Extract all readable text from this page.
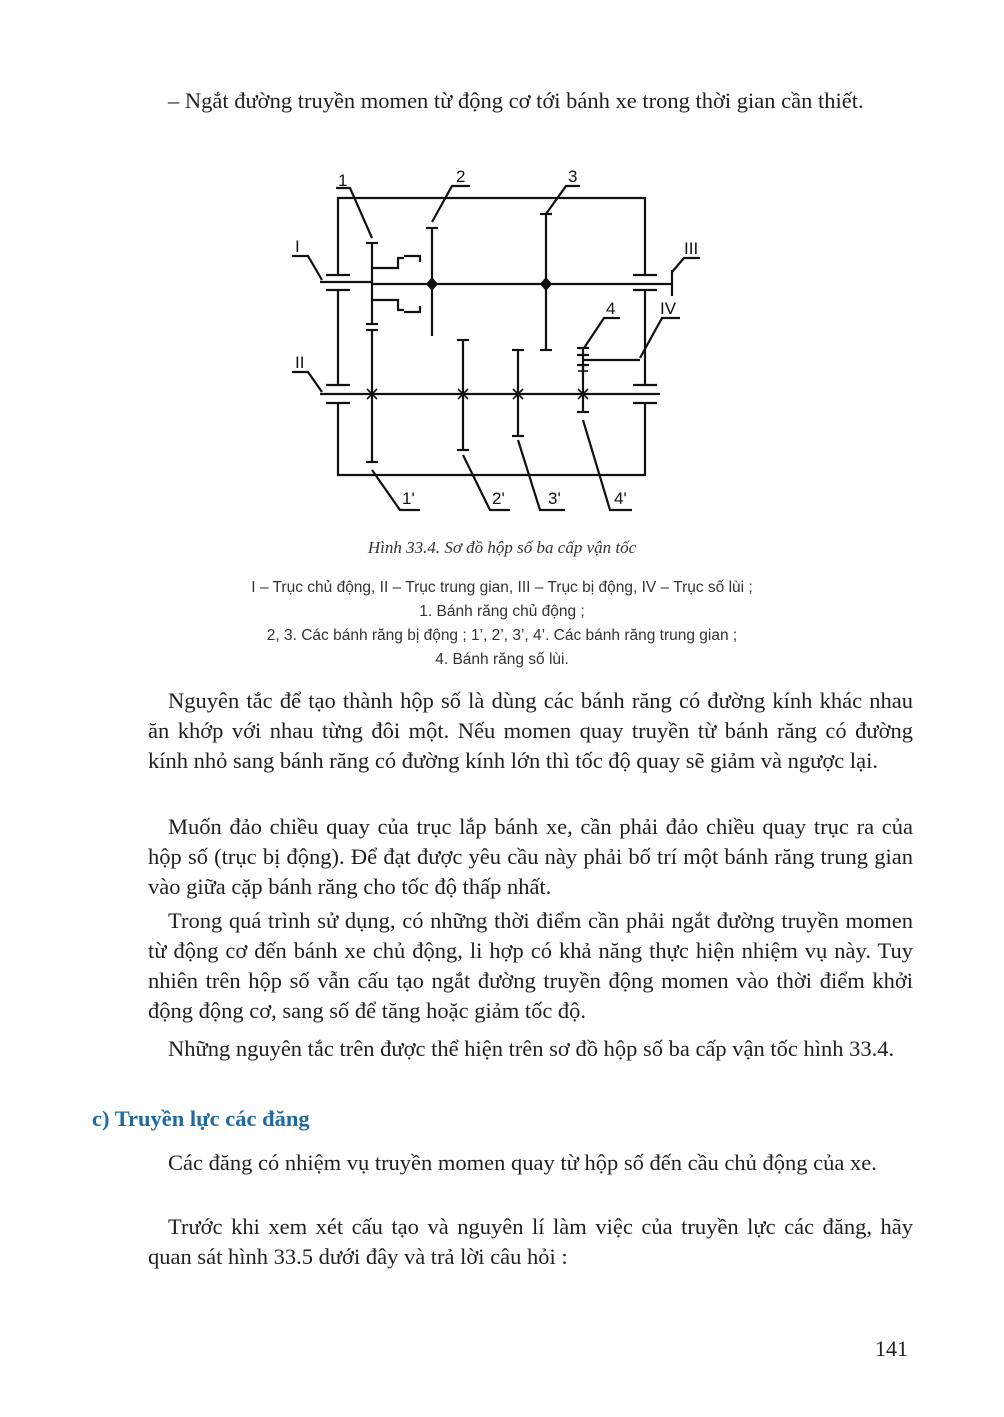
– Ngắt đường truyền momen từ động cơ tới bánh xe trong thời gian cần thiết.

1	2	3
4
I
II
III
IV
1'	2'	3'	4'
Hình 33.4. Sơ đồ hộp số ba cấp vận tốc
I – Trục chủ động, II – Trục trung gian, III – Trục bị động, IV – Trục số lùi ;
1. Bánh răng chủ động ;
2, 3. Các bánh răng bị động ; 1’, 2’, 3’, 4’. Các bánh răng trung gian ;
4. Bánh răng số lùi.

Nguyên tắc để tạo thành hộp số là dùng các bánh răng có đường kính khác nhau ăn khớp với nhau từng đôi một. Nếu momen quay truyền từ bánh răng có đường kính nhỏ sang bánh răng có đường kính lớn thì tốc độ quay sẽ giảm và ngược lại.

Muốn đảo chiều quay của trục lắp bánh xe, cần phải đảo chiều quay trục ra của hộp số (trục bị động). Để đạt được yêu cầu này phải bố trí một bánh răng trung gian vào giữa cặp bánh răng cho tốc độ thấp nhất.

Trong quá trình sử dụng, có những thời điểm cần phải ngắt đường truyền momen từ động cơ đến bánh xe chủ động, li hợp có khả năng thực hiện nhiệm vụ này. Tuy nhiên trên hộp số vẫn cấu tạo ngắt đường truyền động momen vào thời điểm khởi động động cơ, sang số để tăng hoặc giảm tốc độ.

Những nguyên tắc trên được thể hiện trên sơ đồ hộp số ba cấp vận tốc hình 33.4.

c) Truyền lực các đăng

Các đăng có nhiệm vụ truyền momen quay từ hộp số đến cầu chủ động của xe.

Trước khi xem xét cấu tạo và nguyên lí làm việc của truyền lực các đăng, hãy quan sát hình 33.5 dưới đây và trả lời câu hỏi :

141
